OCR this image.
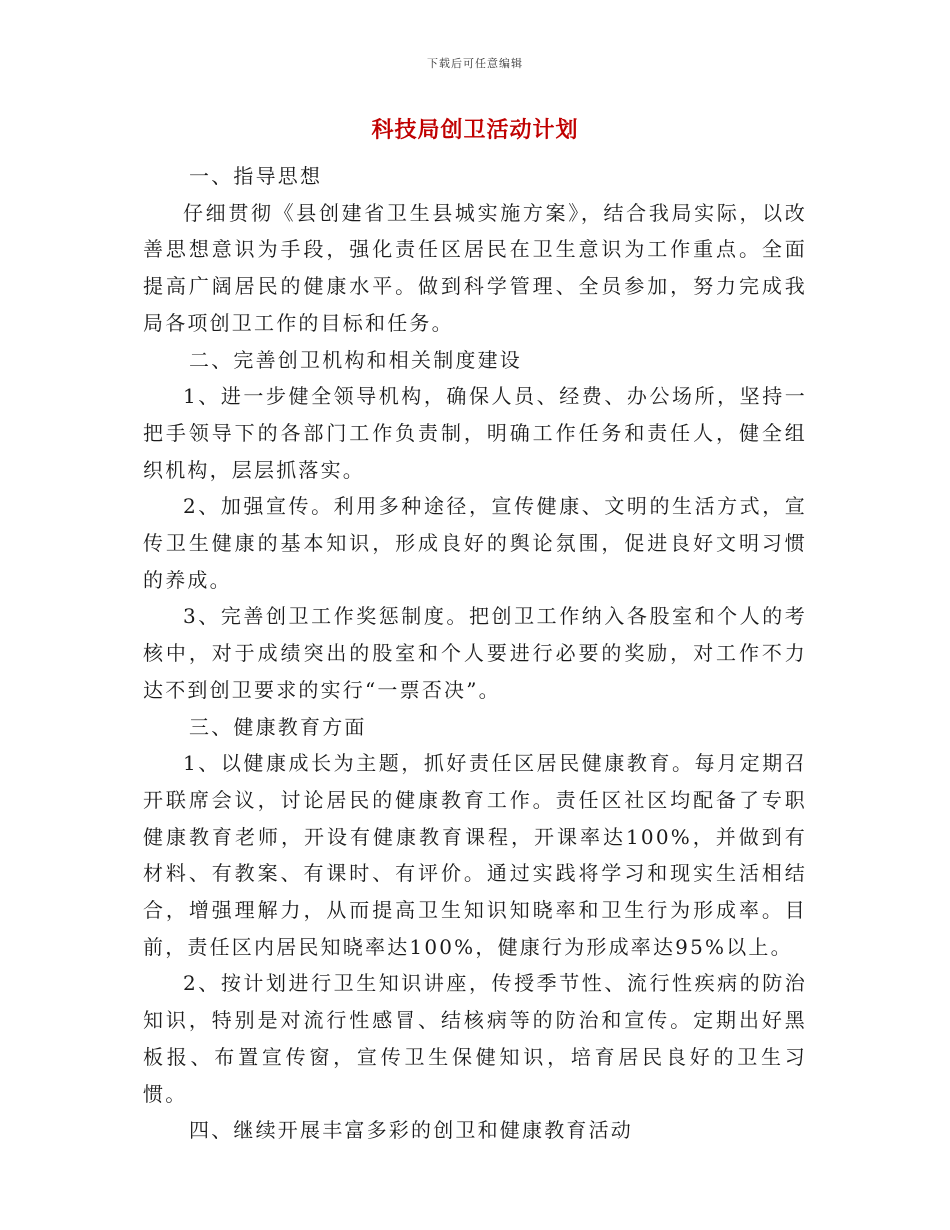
下载后可任意编辑
科技局创卫活动计划

一、指导思想

仔细贯彻《县创建省卫生县城实施方案》，结合我局实际，以改善思想意识为手段，强化责任区居民在卫生意识为工作重点。全面提高广阔居民的健康水平。做到科学管理、全员参加，努力完成我局各项创卫工作的目标和任务。

二、完善创卫机构和相关制度建设

1、进一步健全领导机构，确保人员、经费、办公场所，坚持一把手领导下的各部门工作负责制，明确工作任务和责任人，健全组织机构，层层抓落实。

2、加强宣传。利用多种途径，宣传健康、文明的生活方式，宣传卫生健康的基本知识，形成良好的舆论氛围，促进良好文明习惯的养成。

3、完善创卫工作奖惩制度。把创卫工作纳入各股室和个人的考核中，对于成绩突出的股室和个人要进行必要的奖励，对工作不力达不到创卫要求的实行“一票否决”。

三、健康教育方面

1、以健康成长为主题，抓好责任区居民健康教育。每月定期召开联席会议，讨论居民的健康教育工作。责任区社区均配备了专职健康教育老师，开设有健康教育课程，开课率达100%，并做到有材料、有教案、有课时、有评价。通过实践将学习和现实生活相结合，增强理解力，从而提高卫生知识知晓率和卫生行为形成率。目前，责任区内居民知晓率达100%，健康行为形成率达95%以上。

2、按计划进行卫生知识讲座，传授季节性、流行性疾病的防治知识，特别是对流行性感冒、结核病等的防治和宣传。定期出好黑板报、布置宣传窗，宣传卫生保健知识，培育居民良好的卫生习惯。

四、继续开展丰富多彩的创卫和健康教育活动
